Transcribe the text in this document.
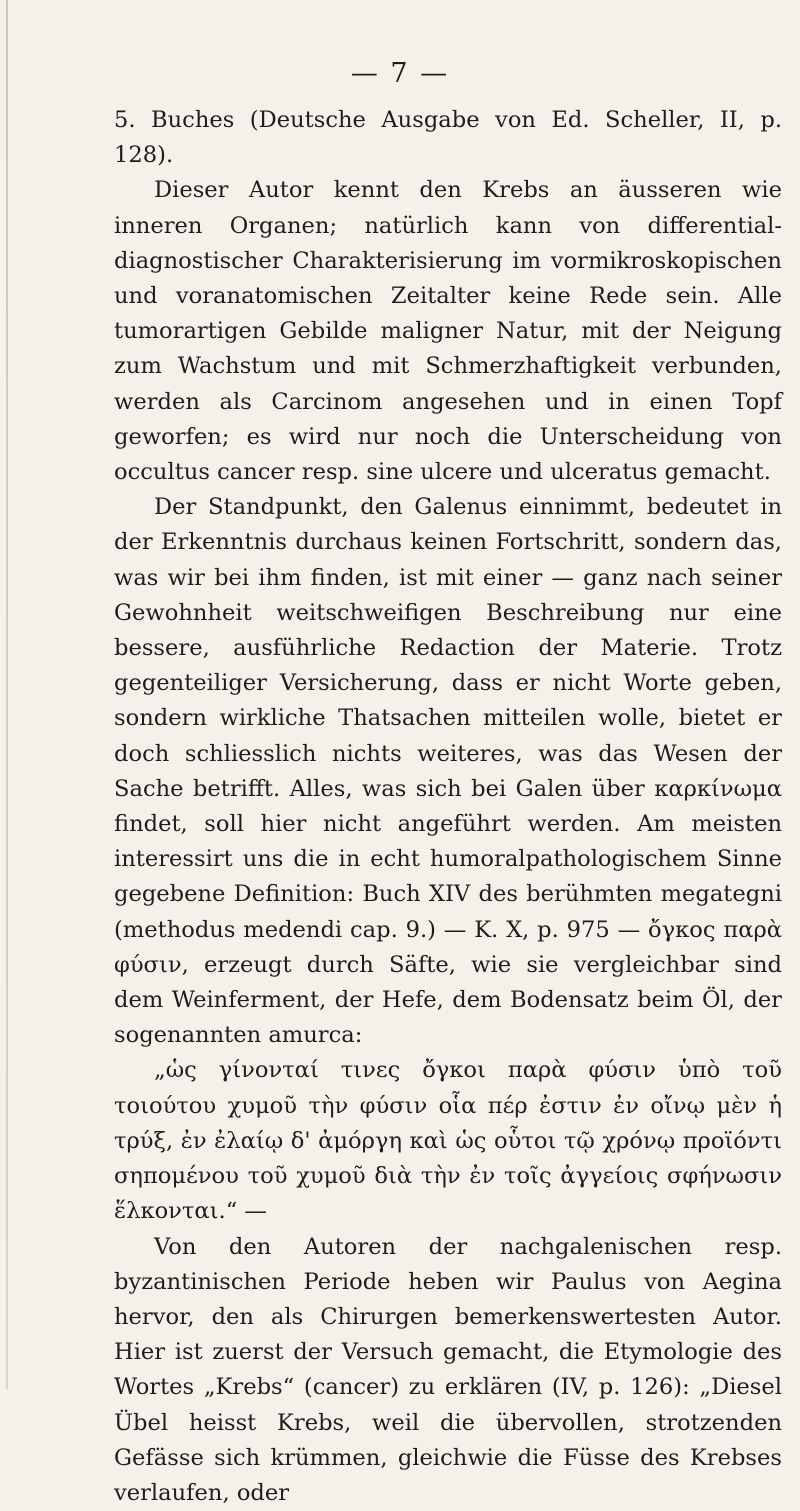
— 7 —

5. Buches (Deutsche Ausgabe von Ed. Scheller, II, p. 128).

Dieser Autor kennt den Krebs an äusseren wie inneren Organen; natürlich kann von differential-diagnostischer Charakterisierung im vormikroskopischen und voranatomischen Zeitalter keine Rede sein. Alle tumorartigen Gebilde maligner Natur, mit der Neigung zum Wachstum und mit Schmerzhaftigkeit verbunden, werden als Carcinom angesehen und in einen Topf geworfen; es wird nur noch die Unterscheidung von occultus cancer resp. sine ulcere und ulceratus gemacht.

Der Standpunkt, den Galenus einnimmt, bedeutet in der Erkenntnis durchaus keinen Fortschritt, sondern das, was wir bei ihm finden, ist mit einer — ganz nach seiner Gewohnheit weitschweifigen Beschreibung nur eine bessere, ausführliche Redaction der Materie. Trotz gegenteiliger Versicherung, dass er nicht Worte geben, sondern wirkliche Thatsachen mitteilen wolle, bietet er doch schliesslich nichts weiteres, was das Wesen der Sache betrifft. Alles, was sich bei Galen über καρκίνωμα findet, soll hier nicht angeführt werden. Am meisten interessirt uns die in echt humoralpathologischem Sinne gegebene Definition: Buch XIV des berühmten megategni (methodus medendi cap. 9.) — K. X, p. 975 — ὄγκος παρὰ φύσιν, erzeugt durch Säfte, wie sie vergleichbar sind dem Weinferment, der Hefe, dem Bodensatz beim Öl, der sogenannten amurca:

„ὡς γίνονταί τινες ὄγκοι παρὰ φύσιν ὑπὸ τοῦ τοιούτου χυμοῦ τὴν φύσιν οἷα πέρ ἐστιν ἐν οἴνῳ μὲν ἡ τρύξ, ἐν ἐλαίῳ δ' ἀμόργη καὶ ὡς οὗτοι τῷ χρόνῳ προϊόντι σηπομένου τοῦ χυμοῦ διὰ τὴν ἐν τοῖς ἀγγείοις σφήνωσιν ἕλκονται.“ —

Von den Autoren der nachgalenischen resp. byzantinischen Periode heben wir Paulus von Aegina hervor, den als Chirurgen bemerkenswertesten Autor. Hier ist zuerst der Versuch gemacht, die Etymologie des Wortes „Krebs“ (cancer) zu erklären (IV, p. 126): „Diesel Übel heisst Krebs, weil die übervollen, strotzenden Gefässe sich krümmen, gleichwie die Füsse des Krebses verlaufen, oder
